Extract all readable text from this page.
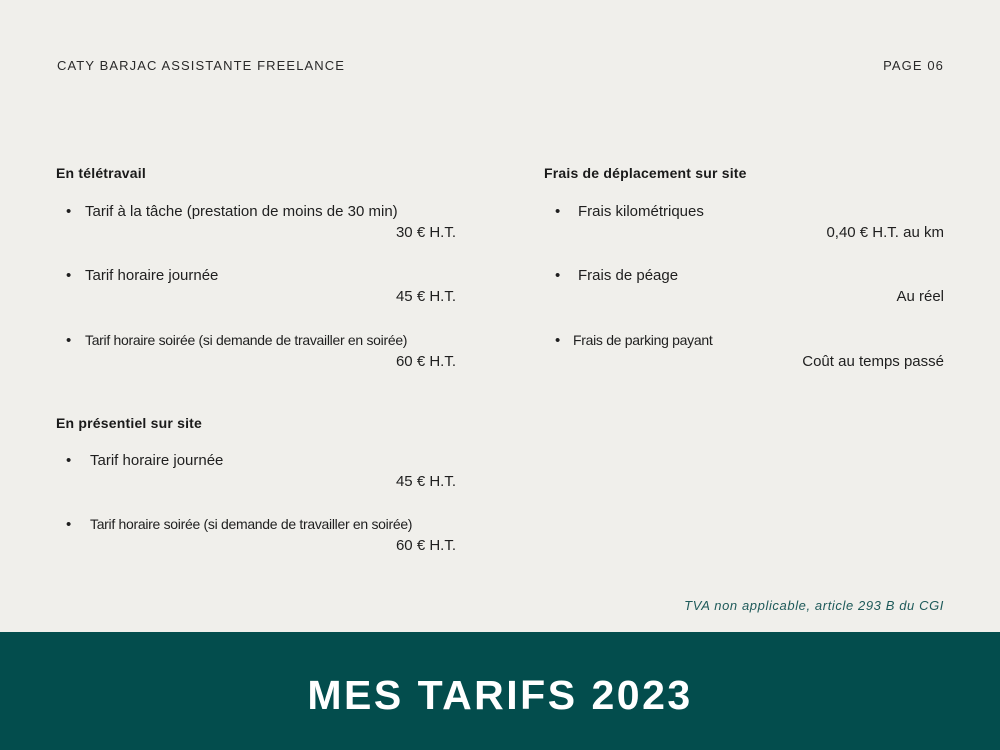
CATY BARJAC ASSISTANTE FREELANCE	PAGE 06
En télétravail
• Tarif à la tâche (prestation de moins de 30 min)
30 € H.T.
• Tarif horaire journée
45 € H.T.
• Tarif horaire soirée (si demande de travailler en soirée)
60 € H.T.
En présentiel sur site
• Tarif horaire journée
45 € H.T.
• Tarif horaire soirée (si demande de travailler en soirée)
60 € H.T.
Frais de déplacement sur site
• Frais kilométriques
0,40 € H.T. au km
• Frais de péage
Au réel
• Frais de parking payant
Coût au temps passé
TVA non applicable, article 293 B du CGI
MES TARIFS 2023
